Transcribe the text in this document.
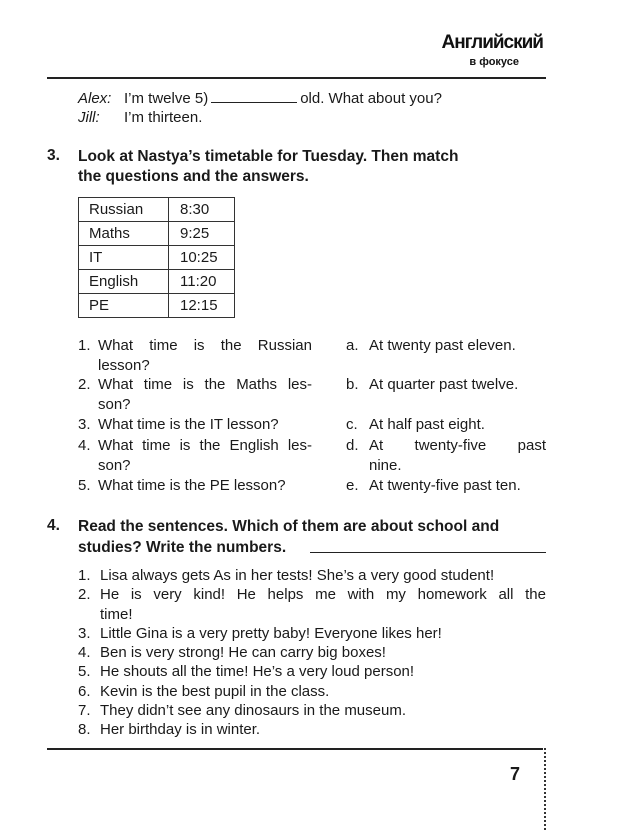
Английский
в фокусе
Alex: I’m twelve 5)	old. What about you?
Jill: I’m thirteen.
3. Look at Nastya’s timetable for Tuesday. Then match
the questions and the answers.
Russian	8:30
Maths	9:25
IT	10:25
English	11:20
PE	12:15
1. What time is the Russian
lesson?
2. What time is the Maths les-
son?
3. What time is the IT lesson?
4. What time is the English les-
son?
5. What time is the PE lesson?
a. At twenty past eleven.
b. At quarter past twelve.
c. At half past eight.
d. At twenty-five past
nine.
e. At twenty-five past ten.
4. Read the sentences. Which of them are about school and
studies? Write the numbers.
1. Lisa always gets As in her tests! She’s a very good student!
2. He is very kind! He helps me with my homework all the
time!
3. Little Gina is a very pretty baby! Everyone likes her!
4. Ben is very strong! He can carry big boxes!
5. He shouts all the time! He’s a very loud person!
6. Kevin is the best pupil in the class.
7. They didn’t see any dinosaurs in the museum.
8. Her birthday is in winter.
7
